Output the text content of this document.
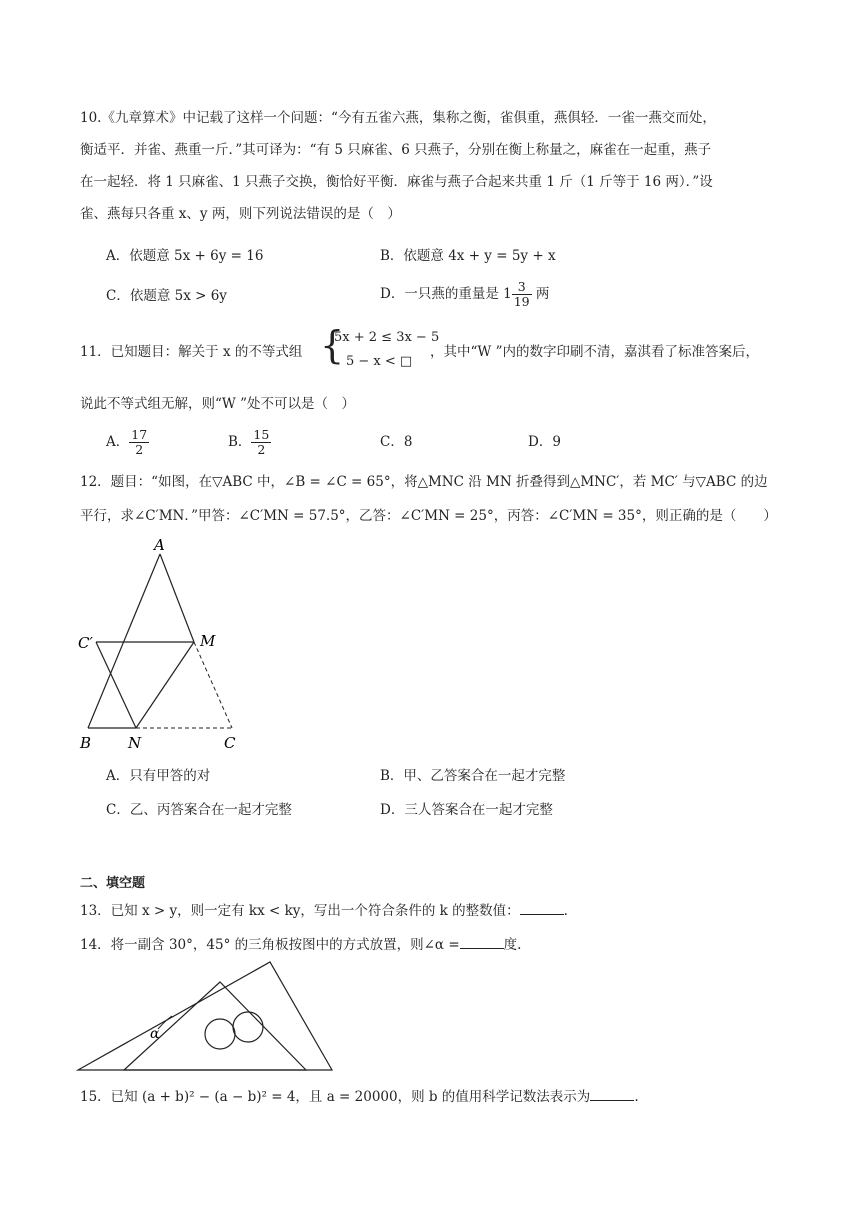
10.《九章算术》中记载了这样一个问题：“今有五雀六燕，集称之衡，雀俱重，燕俱轻．一雀一燕交而处，
衡适平．并雀、燕重一斤．”其可译为：“有 5 只麻雀、6 只燕子，分别在衡上称量之，麻雀在一起重，燕子
在一起轻．将 1 只麻雀、1 只燕子交换，衡恰好平衡．麻雀与燕子合起来共重 1 斤（1 斤等于 16 两）．”设
雀、燕每只各重 x、y 两，则下列说法错误的是（　）
A．依题意 5x + 6y = 16	B．依题意 4x + y = 5y + x
C．依题意 5x > 6y	D．一只燕的重量是 $1 \frac{3}{19}$ 两
11．已知题目：解关于 x 的不等式组 {
5x + 2 ≤ 3x − 5
5 − x < □
，其中“W ”内的数字印刷不清，嘉淇看了标准答案后，
说此不等式组无解，则“W ”处不可以是（　）
A． $\frac{17}{2}$	B． $\frac{15}{2}$	C．8	D．9
12．题目：“如图，在▽ABC 中，∠B = ∠C = 65°，将△MNC 沿 MN 折叠得到△MNC′，若 MC′ 与▽ABC 的边
平行，求∠C′MN．”甲答：∠C′MN = 57.5°，乙答：∠C′MN = 25°，丙答：∠C′MN = 35°，则正确的是（　　）
A
C′	M
B N	C
A．只有甲答的对	B．甲、乙答案合在一起才完整
C．乙、丙答案合在一起才完整	D．三人答案合在一起才完整
二、填空题
13．已知 x > y，则一定有 kx < ky，写出一个符合条件的 k 的整数值：	.
14．将一副含 30°，45° 的三角板按图中的方式放置，则∠α =	度.
α
15．已知 (a + b)² − (a − b)² = 4，且 a = 20000，则 b 的值用科学记数法表示为	.
